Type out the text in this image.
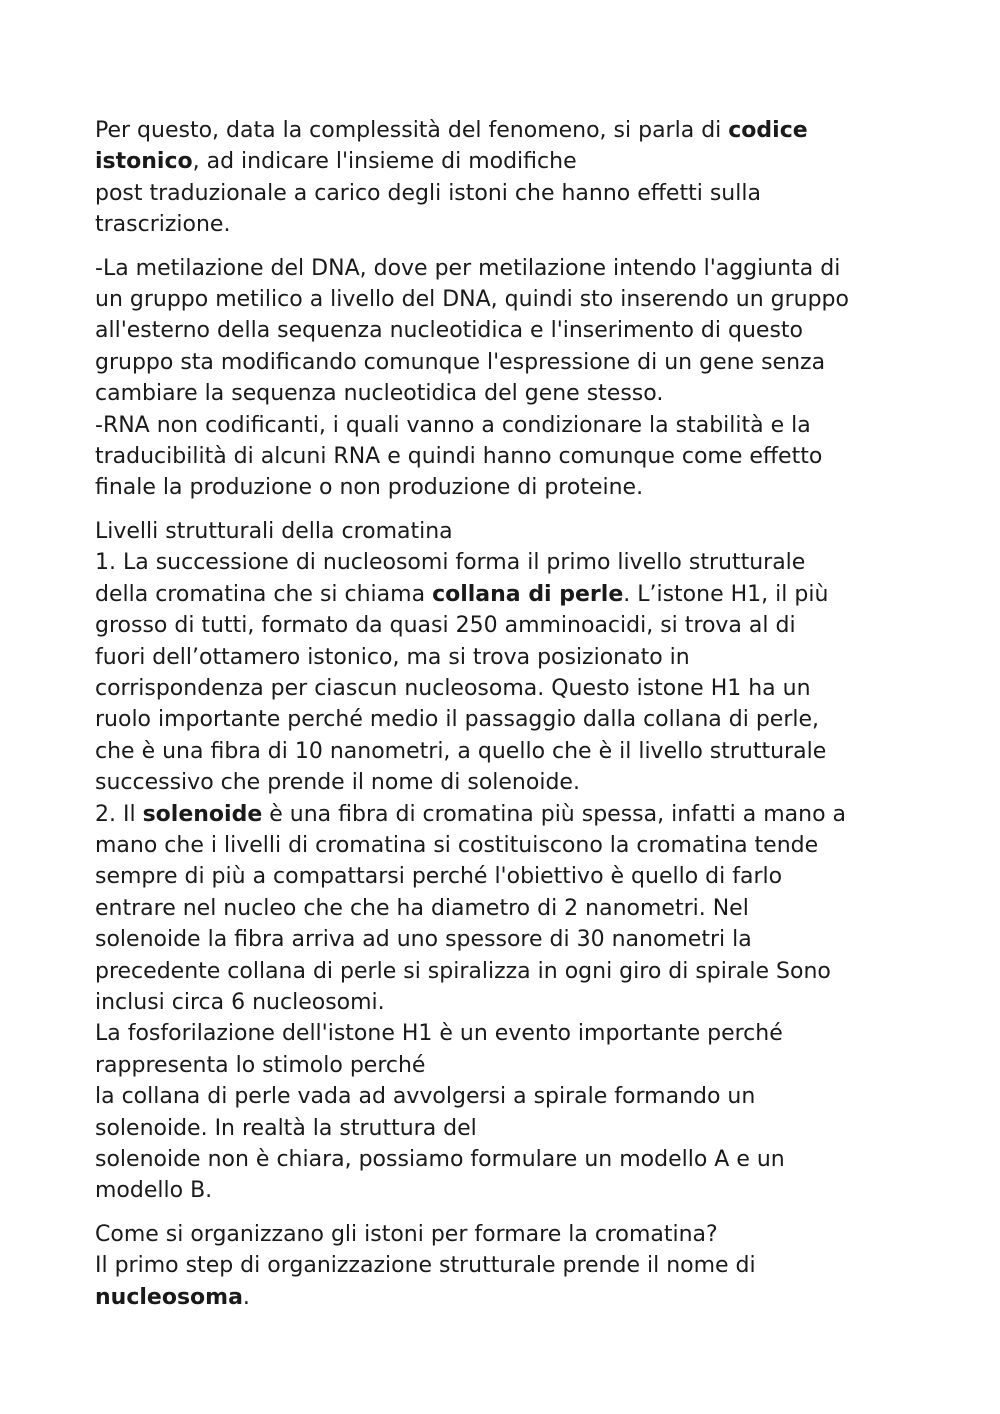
Per questo, data la complessità del fenomeno, si parla di codice
istonico, ad indicare l'insieme di modifiche
post traduzionale a carico degli istoni che hanno effetti sulla
trascrizione.
-La metilazione del DNA, dove per metilazione intendo l'aggiunta di
un gruppo metilico a livello del DNA, quindi sto inserendo un gruppo
all'esterno della sequenza nucleotidica e l'inserimento di questo
gruppo sta modificando comunque l'espressione di un gene senza
cambiare la sequenza nucleotidica del gene stesso.
-RNA non codificanti, i quali vanno a condizionare la stabilità e la
traducibilità di alcuni RNA e quindi hanno comunque come effetto
finale la produzione o non produzione di proteine.
Livelli strutturali della cromatina
1. La successione di nucleosomi forma il primo livello strutturale
della cromatina che si chiama collana di perle. L’istone H1, il più
grosso di tutti, formato da quasi 250 amminoacidi, si trova al di
fuori dell’ottamero istonico, ma si trova posizionato in
corrispondenza per ciascun nucleosoma. Questo istone H1 ha un
ruolo importante perché medio il passaggio dalla collana di perle,
che è una fibra di 10 nanometri, a quello che è il livello strutturale
successivo che prende il nome di solenoide.
2. Il solenoide è una fibra di cromatina più spessa, infatti a mano a
mano che i livelli di cromatina si costituiscono la cromatina tende
sempre di più a compattarsi perché l'obiettivo è quello di farlo
entrare nel nucleo che che ha diametro di 2 nanometri. Nel
solenoide la fibra arriva ad uno spessore di 30 nanometri la
precedente collana di perle si spiralizza in ogni giro di spirale Sono
inclusi circa 6 nucleosomi.
La fosforilazione dell'istone H1 è un evento importante perché
rappresenta lo stimolo perché
la collana di perle vada ad avvolgersi a spirale formando un
solenoide. In realtà la struttura del
solenoide non è chiara, possiamo formulare un modello A e un
modello B.
Come si organizzano gli istoni per formare la cromatina?
Il primo step di organizzazione strutturale prende il nome di
nucleosoma.
